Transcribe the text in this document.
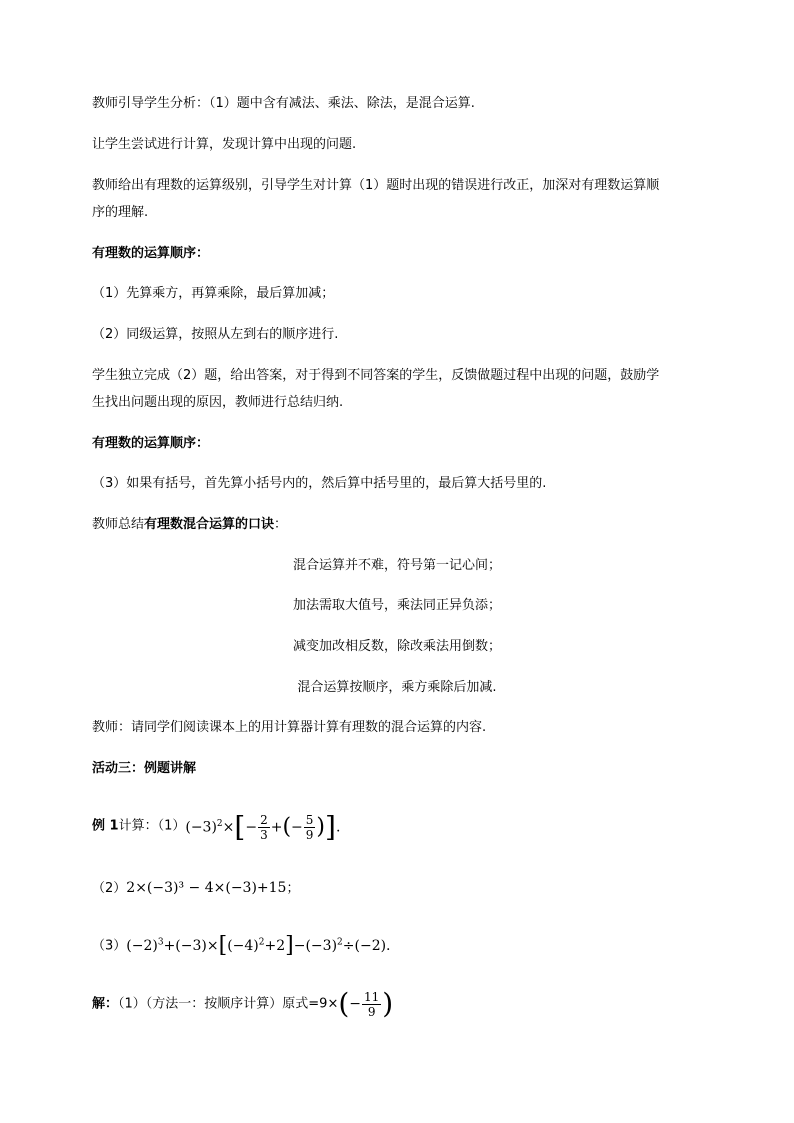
教师引导学生分析：（1）题中含有减法、乘法、除法，是混合运算.
让学生尝试进行计算，发现计算中出现的问题.
教师给出有理数的运算级别，引导学生对计算（1）题时出现的错误进行改正，加深对有理数运算顺
序的理解.
有理数的运算顺序：
（1）先算乘方，再算乘除，最后算加减；
（2）同级运算，按照从左到右的顺序进行.
学生独立完成（2）题，给出答案，对于得到不同答案的学生，反馈做题过程中出现的问题，鼓励学
生找出问题出现的原因，教师进行总结归纳.
有理数的运算顺序：
（3）如果有括号，首先算小括号内的，然后算中括号里的，最后算大括号里的.
教师总结有理数混合运算的口诀：
混合运算并不难，符号第一记心间；
加法需取大值号，乘法同正异负添；
减变加改相反数，除改乘法用倒数；
混合运算按顺序，乘方乘除后加减.
教师：请同学们阅读课本上的用计算器计算有理数的混合运算的内容.
活动三：例题讲解
例 1计算：$(1)(-3)^2\times[- \frac{2}{3}$ +(− $\frac{5}{9}$ )].
（2）2×(−3)³ − 4×(−3)+15；
$(3)(-2)^3+(-3)\times[(-4)^2+2]-(-3)^2\div(-2)$.
解：（1）（方法一：按顺序计算）原式$=9\times(- \frac{11}{9}$ )
